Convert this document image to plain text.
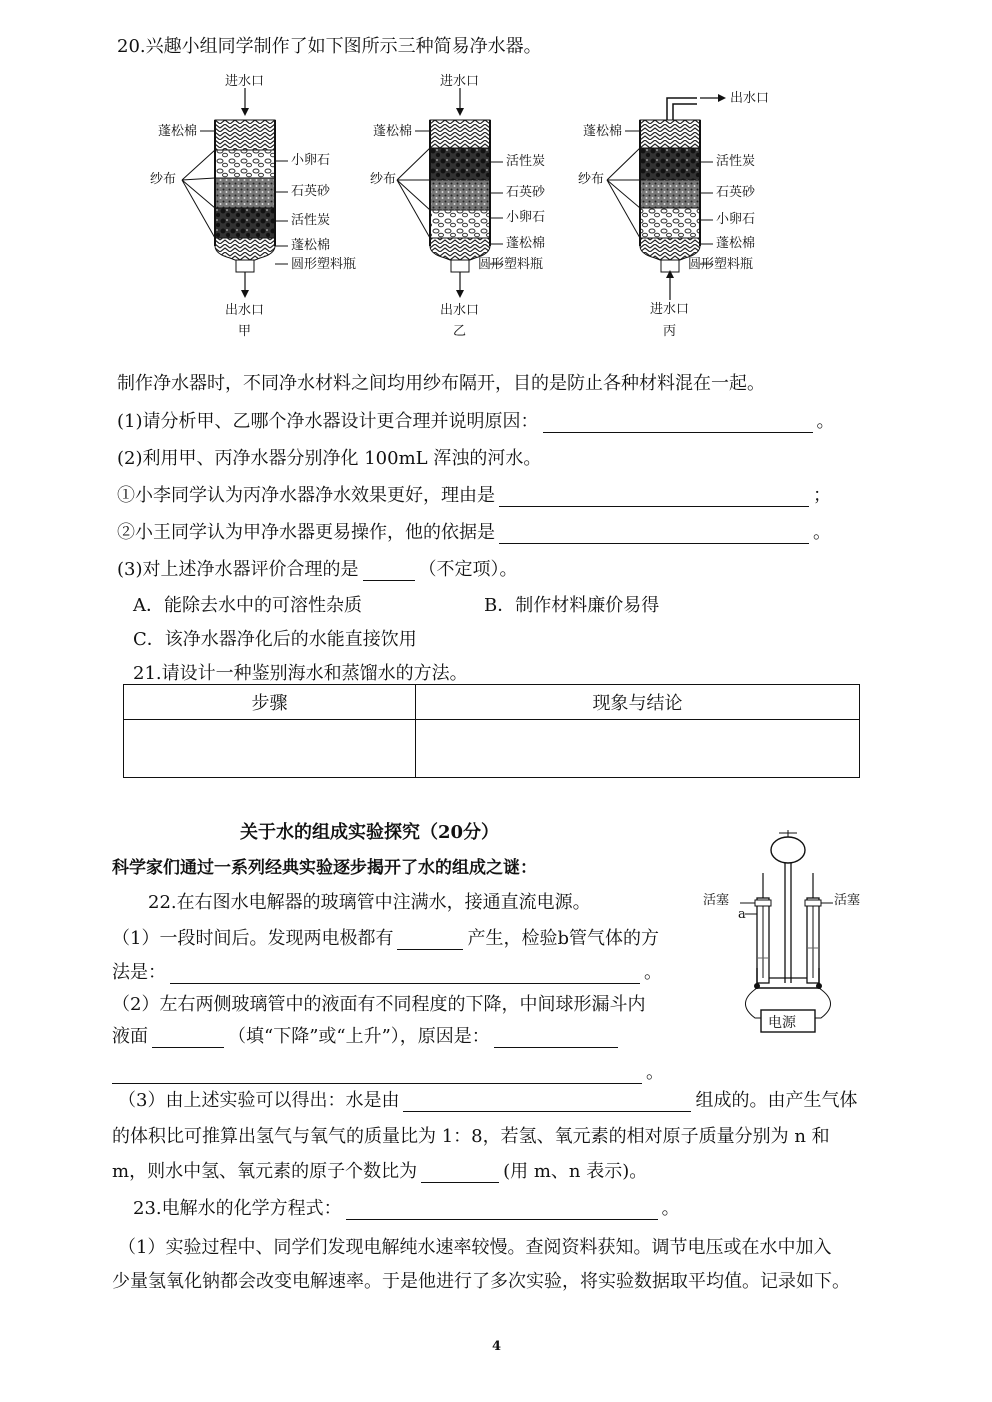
20.兴趣小组同学制作了如下图所示三种简易净水器。
进水口
蓬松棉
纱布
小卵石
石英砂
活性炭
蓬松棉
圆形塑料瓶
出水口
甲
进水口
蓬松棉
纱布
活性炭
石英砂
小卵石
蓬松棉
圆形塑料瓶
出水口
乙
出水口
蓬松棉
纱布
活性炭
石英砂
小卵石
蓬松棉
圆形塑料瓶
进水口
丙
制作净水器时，不同净水材料之间均用纱布隔开，目的是防止各种材料混在一起。
(1)请分析甲、乙哪个净水器设计更合理并说明原因：	。
(2)利用甲、丙净水器分别净化 100mL 浑浊的河水。
①小李同学认为丙净水器净水效果更好，理由是	；
②小王同学认为甲净水器更易操作，他的依据是	。
(3)对上述净水器评价合理的是	（不定项）。
A．能除去水中的可溶性杂质	B．制作材料廉价易得
C．该净水器净化后的水能直接饮用
21.请设计一种鉴别海水和蒸馏水的方法。
步骤	现象与结论

关于水的组成实验探究（20分）
科学家们通过一系列经典实验逐步揭开了水的组成之谜：
活塞	活塞
a
电源
22.在右图水电解器的玻璃管中注满水，接通直流电源。
（1）一段时间后。发现两电极都有	产生，检验b管气体的方
法是：	。
（2）左右两侧玻璃管中的液面有不同程度的下降，中间球形漏斗内
液面	（填“下降”或“上升”），原因是：
。
（3）由上述实验可以得出：水是由	组成的。由产生气体
的体积比可推算出氢气与氧气的质量比为 1：8，若氢、氧元素的相对原子质量分别为 n 和
m，则水中氢、氧元素的原子个数比为	(用 m、n 表示)。
23.电解水的化学方程式：	。
（1）实验过程中、同学们发现电解纯水速率较慢。查阅资料获知。调节电压或在水中加入
少量氢氧化钠都会改变电解速率。于是他进行了多次实验，将实验数据取平均值。记录如下。
4
